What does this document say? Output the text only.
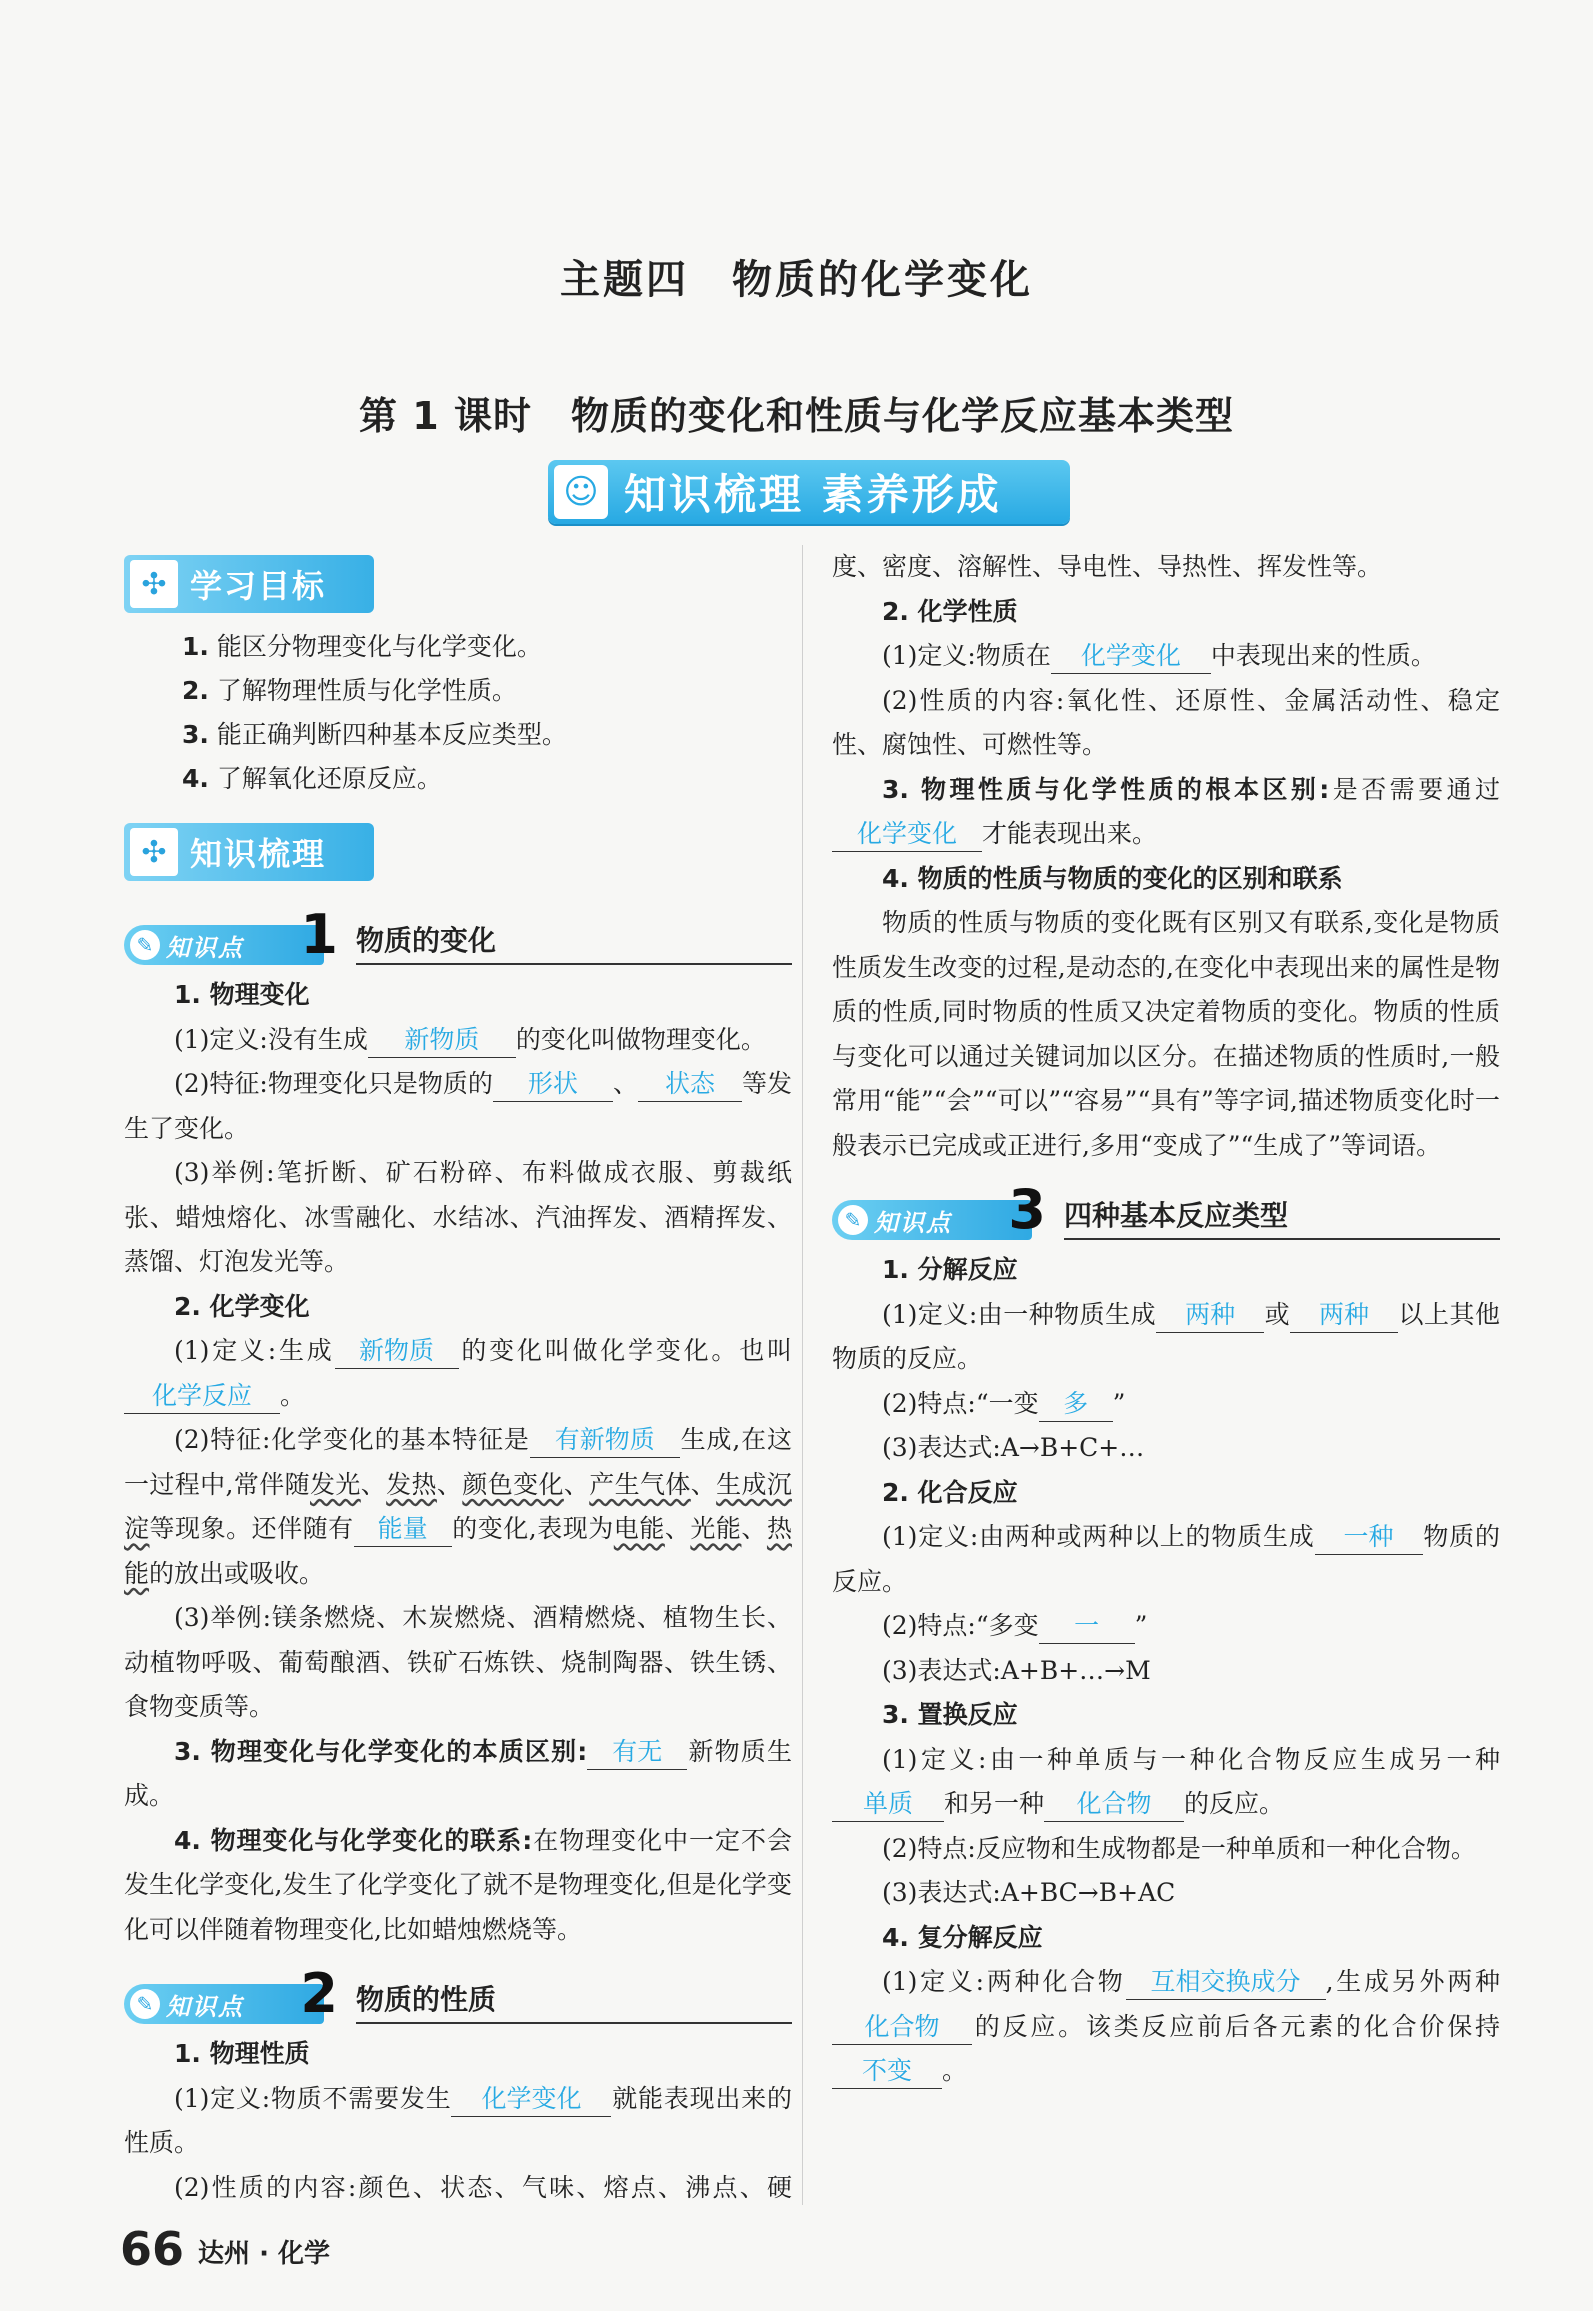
主题四　物质的化学变化
第 1 课时　物质的变化和性质与化学反应基本类型
☺ 知识梳理 素养形成
✣ 学习目标
1. 能区分物理变化与化学变化。
2. 了解物理性质与化学性质。
3. 能正确判断四种基本反应类型。
4. 了解氧化还原反应。
✣ 知识梳理
✎ 知识点 1 物质的变化
1. 物理变化
(1)定义:没有生成 新物质 的变化叫做物理变化。
(2)特征:物理变化只是物质的 形状 、 状态 等发生了变化。
(3)举例:笔折断、矿石粉碎、布料做成衣服、剪裁纸张、蜡烛熔化、冰雪融化、水结冰、汽油挥发、酒精挥发、蒸馏、灯泡发光等。
2. 化学变化
(1)定义:生成 新物质 的变化叫做化学变化。也叫化学反应 。
(2)特征:化学变化的基本特征是 有新物质 生成,在这一过程中,常伴随发光、发热、颜色变化、产生气体、生成沉淀等现象。还伴随有 能量 的变化,表现为电能、光能、热能的放出或吸收。
(3)举例:镁条燃烧、木炭燃烧、酒精燃烧、植物生长、动植物呼吸、葡萄酿酒、铁矿石炼铁、烧制陶器、铁生锈、食物变质等。
3. 物理变化与化学变化的本质区别: 有无 新物质生成。
4. 物理变化与化学变化的联系:在物理变化中一定不会发生化学变化,发生了化学变化了就不是物理变化,但是化学变化可以伴随着物理变化,比如蜡烛燃烧等。
✎ 知识点 2 物质的性质
1. 物理性质
(1)定义:物质不需要发生 化学变化 就能表现出来的性质。
(2)性质的内容:颜色、状态、气味、熔点、沸点、硬
度、密度、溶解性、导电性、导热性、挥发性等。
2. 化学性质
(1)定义:物质在 化学变化 中表现出来的性质。
(2)性质的内容:氧化性、还原性、金属活动性、稳定性、腐蚀性、可燃性等。
3. 物理性质与化学性质的根本区别:是否需要通过化学变化 才能表现出来。
4. 物质的性质与物质的变化的区别和联系
物质的性质与物质的变化既有区别又有联系,变化是物质性质发生改变的过程,是动态的,在变化中表现出来的属性是物质的性质,同时物质的性质又决定着物质的变化。物质的性质与变化可以通过关键词加以区分。在描述物质的性质时,一般常用“能”“会”“可以”“容易”“具有”等字词,描述物质变化时一般表示已完成或正进行,多用“变成了”“生成了”等词语。
✎ 知识点 3 四种基本反应类型
1. 分解反应
(1)定义:由一种物质生成 两种 或 两种 以上其他物质的反应。
(2)特点:“一变 多 ”
(3)表达式:A→B+C+…
2. 化合反应
(1)定义:由两种或两种以上的物质生成 一种 物质的反应。
(2)特点:“多变 一 ”
(3)表达式:A+B+…→M
3. 置换反应
(1)定义:由一种单质与一种化合物反应生成另一种单质 和另一种 化合物 的反应。
(2)特点:反应物和生成物都是一种单质和一种化合物。
(3)表达式:A+BC→B+AC
4. 复分解反应
(1)定义:两种化合物 互相交换成分 ,生成另外两种化合物 的反应。该类反应前后各元素的化合价保持不变 。
66 达州 · 化学
